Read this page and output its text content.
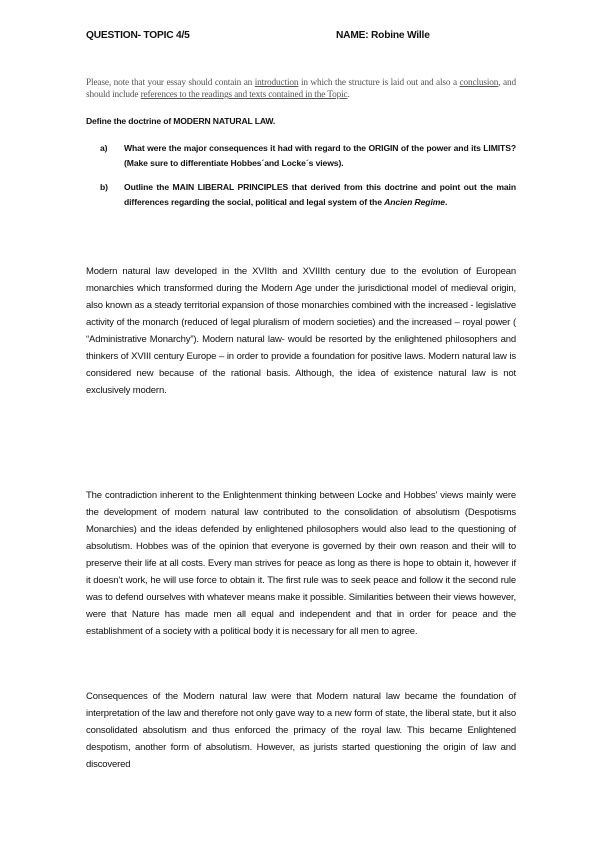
QUESTION- TOPIC 4/5	NAME: Robine Wille
Please, note that your essay should contain an introduction in which the structure is laid out and also a conclusion, and should include references to the readings and texts contained in the Topic.
Define the doctrine of MODERN NATURAL LAW.
a)	What were the major consequences it had with regard to the ORIGIN of the power and its LIMITS? (Make sure to differentiate Hobbes´and Locke´s views).
b)	Outline the MAIN LIBERAL PRINCIPLES that derived from this doctrine and point out the main differences regarding the social, political and legal system of the Ancien Regime.

Modern natural law developed in the XVIIth and XVIIIth century due to the evolution of European monarchies which transformed during the Modern Age under the jurisdictional model of medieval origin, also known as a steady territorial expansion of those monarchies combined with the increased - legislative activity of the monarch (reduced of legal pluralism of modern societies) and the increased – royal power ( “Administrative Monarchy”). Modern natural law- would be resorted by the enlightened philosophers and thinkers of XVIII century Europe – in order to provide a foundation for positive laws. Modern natural law is considered new because of the rational basis. Although, the idea of existence natural law is not exclusively modern.

The contradiction inherent to the Enlightenment thinking between Locke and Hobbes’ views mainly were the development of modern natural law contributed to the consolidation of absolutism (Despotisms Monarchies) and the ideas defended by enlightened philosophers would also lead to the questioning of absolutism. Hobbes was of the opinion that everyone is governed by their own reason and their will to preserve their life at all costs. Every man strives for peace as long as there is hope to obtain it, however if it doesn’t work, he will use force to obtain it. The first rule was to seek peace and follow it the second rule was to defend ourselves with whatever means make it possible. Similarities between their views however, were that Nature has made men all equal and independent and that in order for peace and the establishment of a society with a political body it is necessary for all men to agree.

Consequences of the Modern natural law were that Modern natural law became the foundation of interpretation of the law and therefore not only gave way to a new form of state, the liberal state, but it also consolidated absolutism and thus enforced the primacy of the royal law. This became Enlightened despotism, another form of absolutism. However, as jurists started questioning the origin of law and discovered
